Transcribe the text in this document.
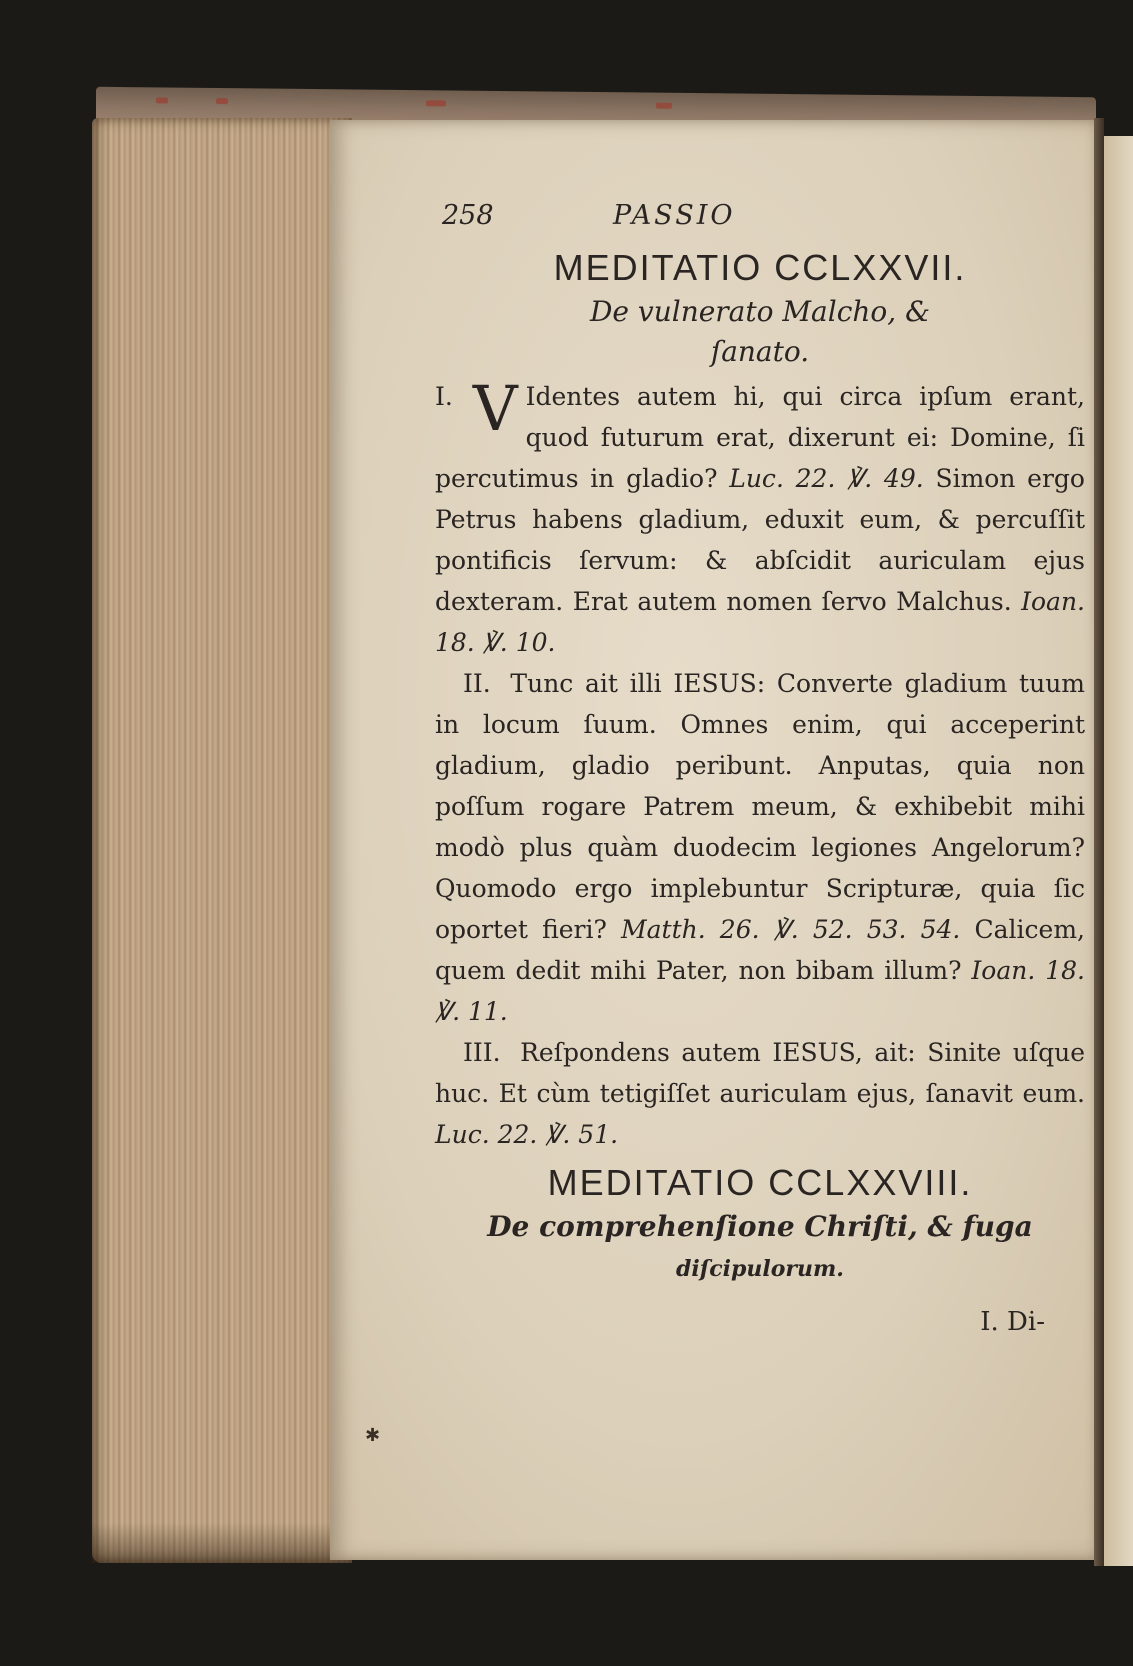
✱
258	PASSIO
MEDITATIO CCLXXVII.
De vulnerato Malcho, &
ſanato.

I. V Identes autem hi, qui circa ipſum erant, quod futurum erat, dixerunt ei: Domine, ſi percutimus in gladio? Luc. 22. ℣. 49. Simon ergo Petrus habens gladium, eduxit eum, & percuſſit pontificis ſervum: & abſcidit auriculam ejus dexteram. Erat autem nomen ſervo Malchus. Ioan. 18. ℣. 10.

II. Tunc ait illi IESUS: Converte gladium tuum in locum ſuum. Omnes enim, qui acceperint gladium, gladio peribunt. Anputas, quia non poſſum rogare Patrem meum, & exhibebit mihi modò plus quàm duodecim legiones Angelorum? Quomodo ergo implebuntur Scripturæ, quia ſic oportet fieri? Matth. 26. ℣. 52. 53. 54. Calicem, quem dedit mihi Pater, non bibam illum? Ioan. 18. ℣. 11.

III. Reſpondens autem IESUS, ait: Sinite uſque huc. Et cùm tetigiſſet auriculam ejus, ſanavit eum. Luc. 22. ℣. 51.

MEDITATIO CCLXXVIII.
De comprehenſione Chriſti, & fuga
diſcipulorum.
I. Di-
